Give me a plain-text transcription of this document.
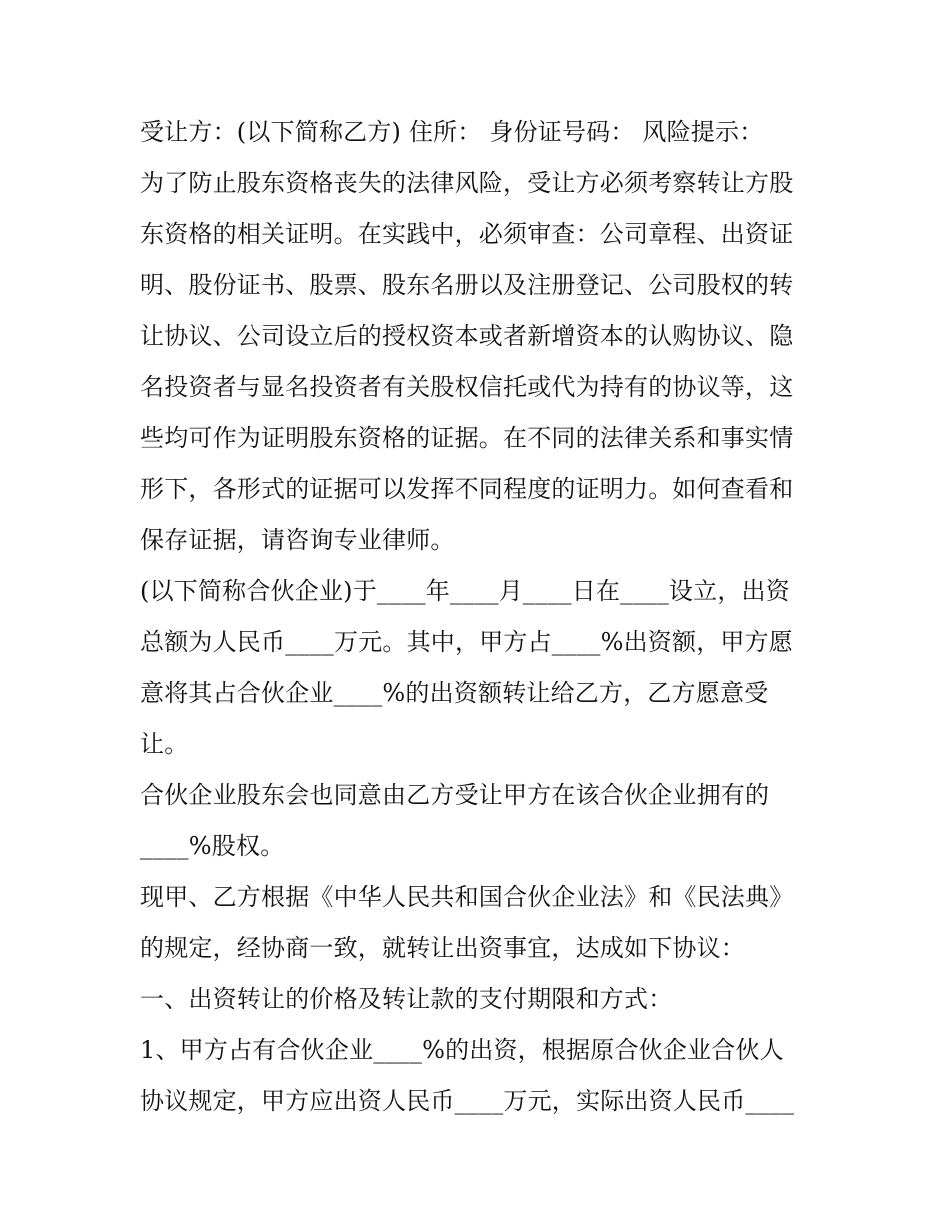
受让方：(以下简称乙方) 住所： 身份证号码： 风险提示：
为了防止股东资格丧失的法律风险，受让方必须考察转让方股
东资格的相关证明。在实践中，必须审查：公司章程、出资证
明、股份证书、股票、股东名册以及注册登记、公司股权的转
让协议、公司设立后的授权资本或者新增资本的认购协议、隐
名投资者与显名投资者有关股权信托或代为持有的协议等，这
些均可作为证明股东资格的证据。在不同的法律关系和事实情
形下，各形式的证据可以发挥不同程度的证明力。如何查看和
保存证据，请咨询专业律师。
(以下简称合伙企业)于____年____月____日在____设立，出资
总额为人民币____万元。其中，甲方占____%出资额，甲方愿
意将其占合伙企业____%的出资额转让给乙方，乙方愿意受
让。
合伙企业股东会也同意由乙方受让甲方在该合伙企业拥有的
____%股权。
现甲、乙方根据《中华人民共和国合伙企业法》和《民法典》
的规定，经协商一致，就转让出资事宜，达成如下协议：
一、出资转让的价格及转让款的支付期限和方式：
1、甲方占有合伙企业____%的出资，根据原合伙企业合伙人
协议规定，甲方应出资人民币____万元，实际出资人民币____
